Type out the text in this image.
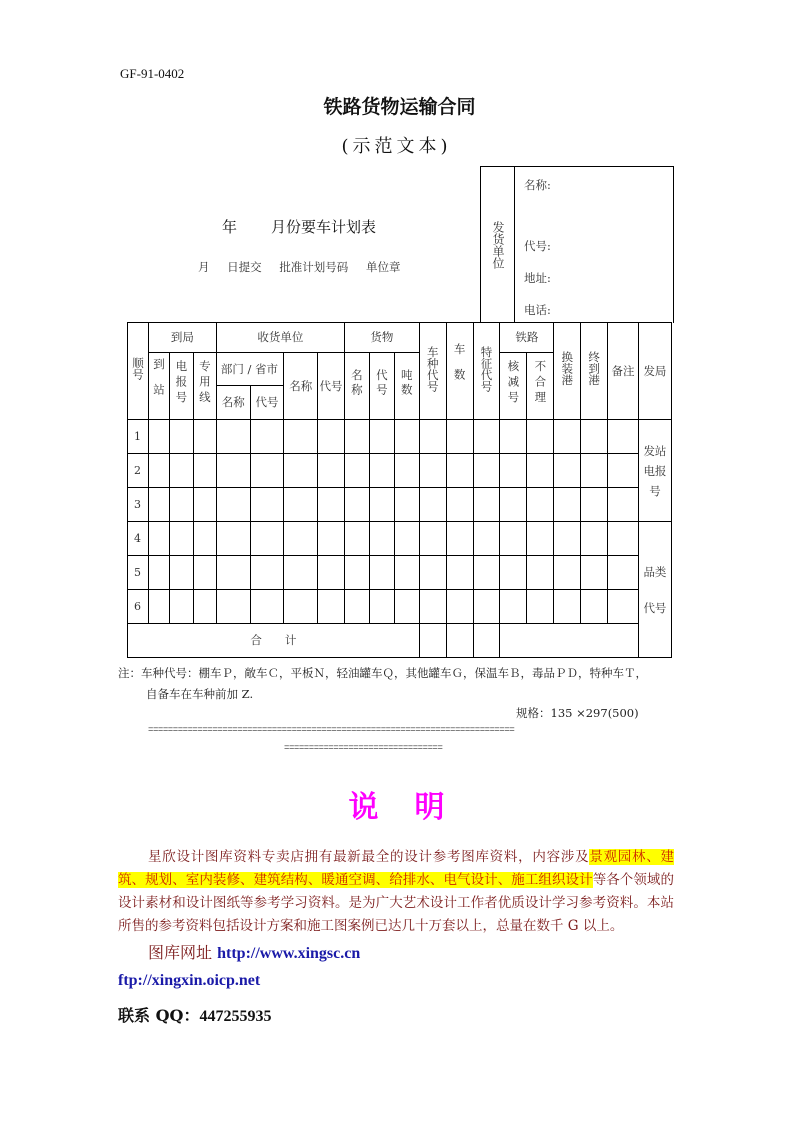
GF-91-0402
铁路货物运输合同
(示范文本)
年 月份要车计划表
月 日提交 批准计划号码 单位章	发货单位
名称:
代号:
地址:
电话:
顺号	到局			收货单位				货物			车种代号	车数	特征代号	铁路		换装港	终到港	备注	发局
	到站	电报号	专用线	部门 / 省市		名称	代号	名称	代号	吨数				核减号	不合理				
				名称	代号														
1																			发站电报号
2																			
3																			
4																			品类代号
5																			
6																			
合　　计																			
注：车种代号：棚车Ｐ，敞车Ｃ，平板Ｎ，轻油罐车Ｑ，其他罐车Ｇ，保温车Ｂ，毒品ＰＤ，特种车Ｔ，
自备车在车种前加 Z.
规格：135 ×297(500)
==========================================================================
================================
说 明
星欣设计图库资料专卖店拥有最新最全的设计参考图库资料，内容涉及景观园林、建筑、规划、室内装修、建筑结构、暖通空调、给排水、电气设计、施工组织设计等各个领域的设计素材和设计图纸等参考学习资料。是为广大艺术设计工作者优质设计学习参考资料。本站所售的参考资料包括设计方案和施工图案例已达几十万套以上，总量在数千 G 以上。
图库网址 http://www.xingsc.cn
ftp://xingxin.oicp.net
联系 QQ：447255935
